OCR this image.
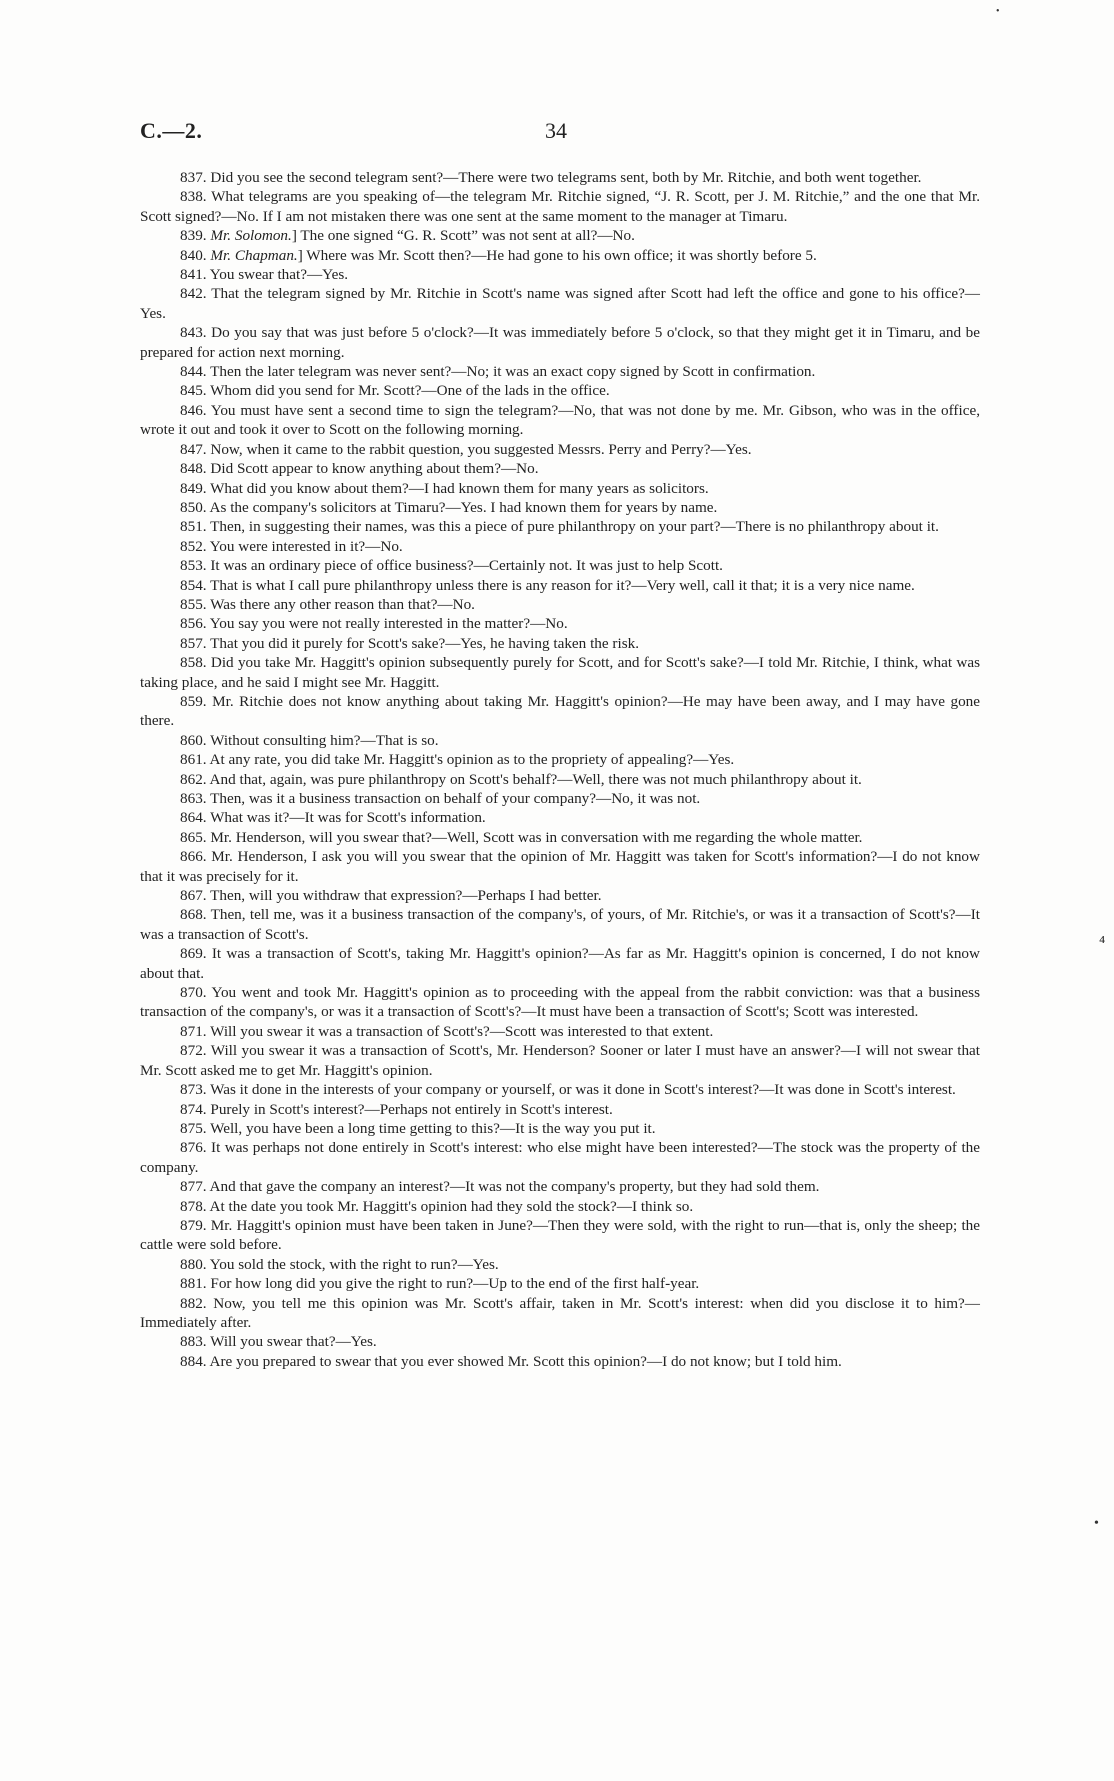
•
C.—2.	34

837. Did you see the second telegram sent?—There were two telegrams sent, both by Mr. Ritchie, and both went together.

838. What telegrams are you speaking of—the telegram Mr. Ritchie signed, “J. R. Scott, per J. M. Ritchie,” and the one that Mr. Scott signed?—No. If I am not mistaken there was one sent at the same moment to the manager at Timaru.

839. Mr. Solomon.] The one signed “G. R. Scott” was not sent at all?—No.

840. Mr. Chapman.] Where was Mr. Scott then?—He had gone to his own office; it was shortly before 5.

841. You swear that?—Yes.

842. That the telegram signed by Mr. Ritchie in Scott's name was signed after Scott had left the office and gone to his office?—Yes.

843. Do you say that was just before 5 o'clock?—It was immediately before 5 o'clock, so that they might get it in Timaru, and be prepared for action next morning.

844. Then the later telegram was never sent?—No; it was an exact copy signed by Scott in confirmation.

845. Whom did you send for Mr. Scott?—One of the lads in the office.

846. You must have sent a second time to sign the telegram?—No, that was not done by me. Mr. Gibson, who was in the office, wrote it out and took it over to Scott on the following morning.

847. Now, when it came to the rabbit question, you suggested Messrs. Perry and Perry?—Yes.

848. Did Scott appear to know anything about them?—No.

849. What did you know about them?—I had known them for many years as solicitors.

850. As the company's solicitors at Timaru?—Yes. I had known them for years by name.

851. Then, in suggesting their names, was this a piece of pure philanthropy on your part?—There is no philanthropy about it.

852. You were interested in it?—No.

853. It was an ordinary piece of office business?—Certainly not. It was just to help Scott.

854. That is what I call pure philanthropy unless there is any reason for it?—Very well, call it that; it is a very nice name.

855. Was there any other reason than that?—No.

856. You say you were not really interested in the matter?—No.

857. That you did it purely for Scott's sake?—Yes, he having taken the risk.

858. Did you take Mr. Haggitt's opinion subsequently purely for Scott, and for Scott's sake?—I told Mr. Ritchie, I think, what was taking place, and he said I might see Mr. Haggitt.

859. Mr. Ritchie does not know anything about taking Mr. Haggitt's opinion?—He may have been away, and I may have gone there.

860. Without consulting him?—That is so.

861. At any rate, you did take Mr. Haggitt's opinion as to the propriety of appealing?—Yes.

862. And that, again, was pure philanthropy on Scott's behalf?—Well, there was not much philanthropy about it.

863. Then, was it a business transaction on behalf of your company?—No, it was not.

864. What was it?—It was for Scott's information.

865. Mr. Henderson, will you swear that?—Well, Scott was in conversation with me regarding the whole matter.

866. Mr. Henderson, I ask you will you swear that the opinion of Mr. Haggitt was taken for Scott's information?—I do not know that it was precisely for it.

867. Then, will you withdraw that expression?—Perhaps I had better.

868. Then, tell me, was it a business transaction of the company's, of yours, of Mr. Ritchie's, or was it a transaction of Scott's?—It was a transaction of Scott's.

869. It was a transaction of Scott's, taking Mr. Haggitt's opinion?—As far as Mr. Haggitt's opinion is concerned, I do not know about that.

870. You went and took Mr. Haggitt's opinion as to proceeding with the appeal from the rabbit conviction: was that a business transaction of the company's, or was it a transaction of Scott's?—It must have been a transaction of Scott's; Scott was interested.

871. Will you swear it was a transaction of Scott's?—Scott was interested to that extent.

872. Will you swear it was a transaction of Scott's, Mr. Henderson? Sooner or later I must have an answer?—I will not swear that Mr. Scott asked me to get Mr. Haggitt's opinion.

873. Was it done in the interests of your company or yourself, or was it done in Scott's interest?—It was done in Scott's interest.

874. Purely in Scott's interest?—Perhaps not entirely in Scott's interest.

875. Well, you have been a long time getting to this?—It is the way you put it.

876. It was perhaps not done entirely in Scott's interest: who else might have been interested?—The stock was the property of the company.

877. And that gave the company an interest?—It was not the company's property, but they had sold them.

878. At the date you took Mr. Haggitt's opinion had they sold the stock?—I think so.

879. Mr. Haggitt's opinion must have been taken in June?—Then they were sold, with the right to run—that is, only the sheep; the cattle were sold before.

880. You sold the stock, with the right to run?—Yes.

881. For how long did you give the right to run?—Up to the end of the first half-year.

882. Now, you tell me this opinion was Mr. Scott's affair, taken in Mr. Scott's interest: when did you disclose it to him?—Immediately after.

883. Will you swear that?—Yes.

884. Are you prepared to swear that you ever showed Mr. Scott this opinion?—I do not know; but I told him.

⁴
•
